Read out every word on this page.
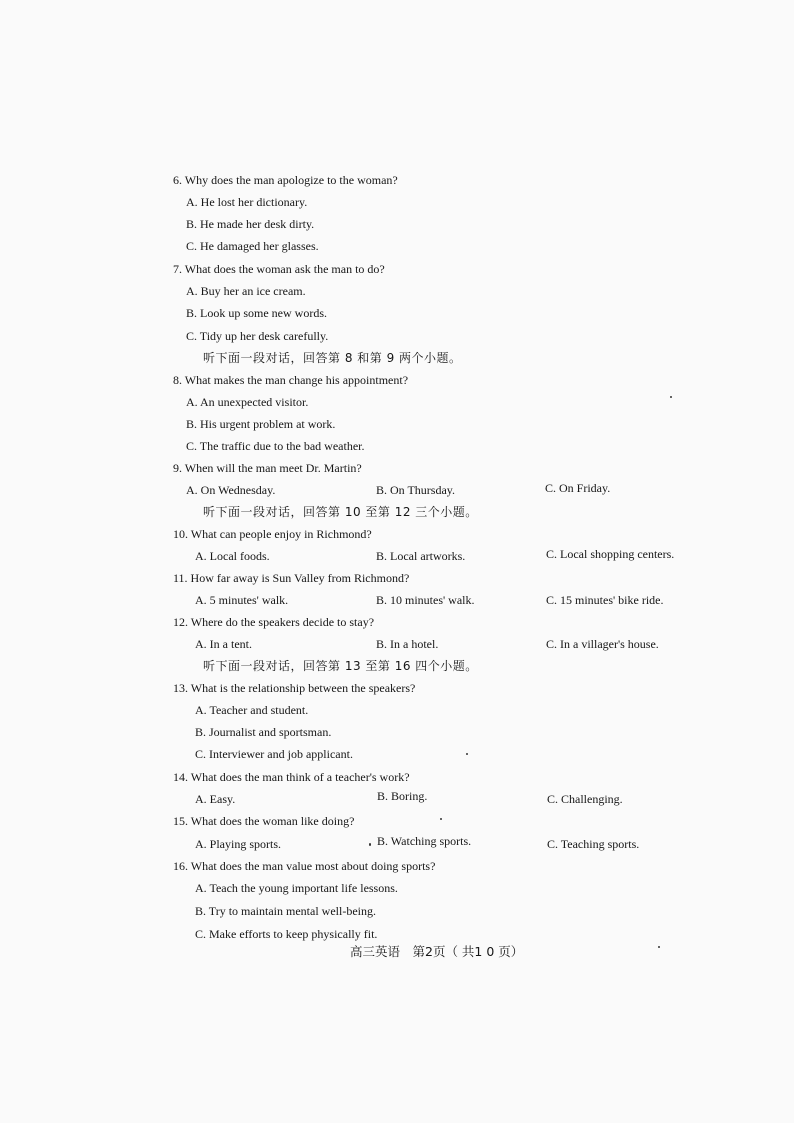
6. Why does the man apologize to the woman?
A. He lost her dictionary.
B. He made her desk dirty.
C. He damaged her glasses.
7. What does the woman ask the man to do?
A. Buy her an ice cream.
B. Look up some new words.
C. Tidy up her desk carefully.
听下面一段对话，回答第 8 和第 9 两个小题。
8. What makes the man change his appointment?
A. An unexpected visitor.
B. His urgent problem at work.
C. The traffic due to the bad weather.
9. When will the man meet Dr. Martin?
A. On Wednesday.	B. On Thursday.	C. On Friday.
听下面一段对话，回答第 10 至第 12 三个小题。
10. What can people enjoy in Richmond?
A. Local foods.	B. Local artworks.	C. Local shopping centers.
11. How far away is Sun Valley from Richmond?
A. 5 minutes' walk.	B. 10 minutes' walk.	C. 15 minutes' bike ride.
12. Where do the speakers decide to stay?
A. In a tent.	B. In a hotel.	C. In a villager's house.
听下面一段对话，回答第 13 至第 16 四个小题。
13. What is the relationship between the speakers?
A. Teacher and student.
B. Journalist and sportsman.
C. Interviewer and job applicant.
14. What does the man think of a teacher's work?
A. Easy.	B. Boring.	C. Challenging.
15. What does the woman like doing?
A. Playing sports.	B. Watching sports.	C. Teaching sports.
16. What does the man value most about doing sports?
A. Teach the young important life lessons.
B. Try to maintain mental well-being.
C. Make efforts to keep physically fit.
高三英语　第2页（ 共1 0 页）
